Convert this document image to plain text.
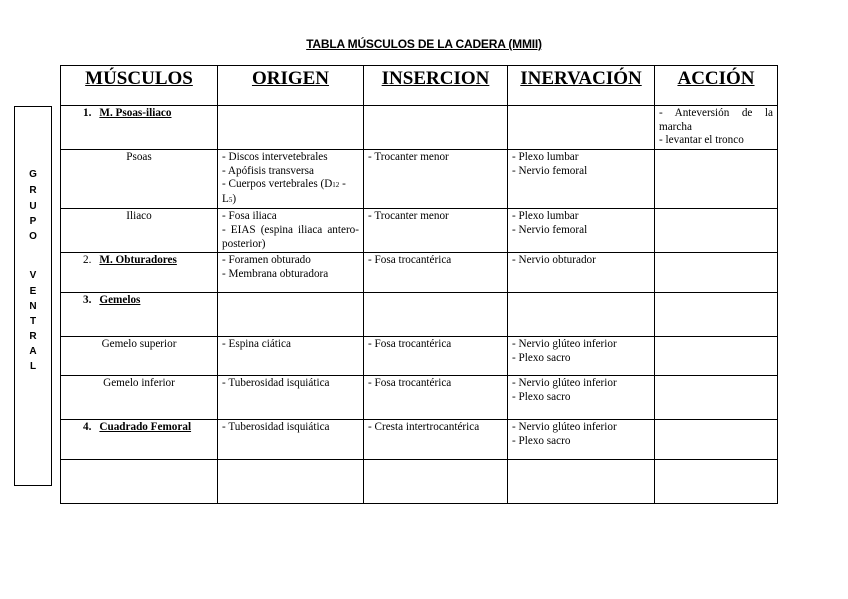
TABLA MÚSCULOS DE LA CADERA (MMII)
G
R
U
P
O
V
E
N
T
R
A
L
MÚSCULOS	ORIGEN	INSERCION	INERVACIÓN	ACCIÓN
1. M. Psoas-iliaco				- Anteversión de la marcha
- levantar el tronco

Psoas	- Discos intervetebrales
- Apófisis transversa
- Cuerpos vertebrales (D12 - L5)	- Trocanter menor	- Plexo lumbar
- Nervio femoral	

Iliaco	- Fosa iliaca
- EIAS (espina iliaca antero-posterior)	- Trocanter menor	- Plexo lumbar
- Nervio femoral	

2. M. Obturadores	- Foramen obturado
- Membrana obturadora	- Fosa trocantérica	- Nervio obturador	

3. Gemelos				
Gemelo superior	- Espina ciática	- Fosa trocantérica	- Nervio glúteo inferior
- Plexo sacro	

Gemelo inferior	- Tuberosidad isquiática	- Fosa trocantérica	- Nervio glúteo inferior
- Plexo sacro	

4. Cuadrado Femoral	- Tuberosidad isquiática	- Cresta intertrocantérica	- Nervio glúteo inferior
- Plexo sacro	
